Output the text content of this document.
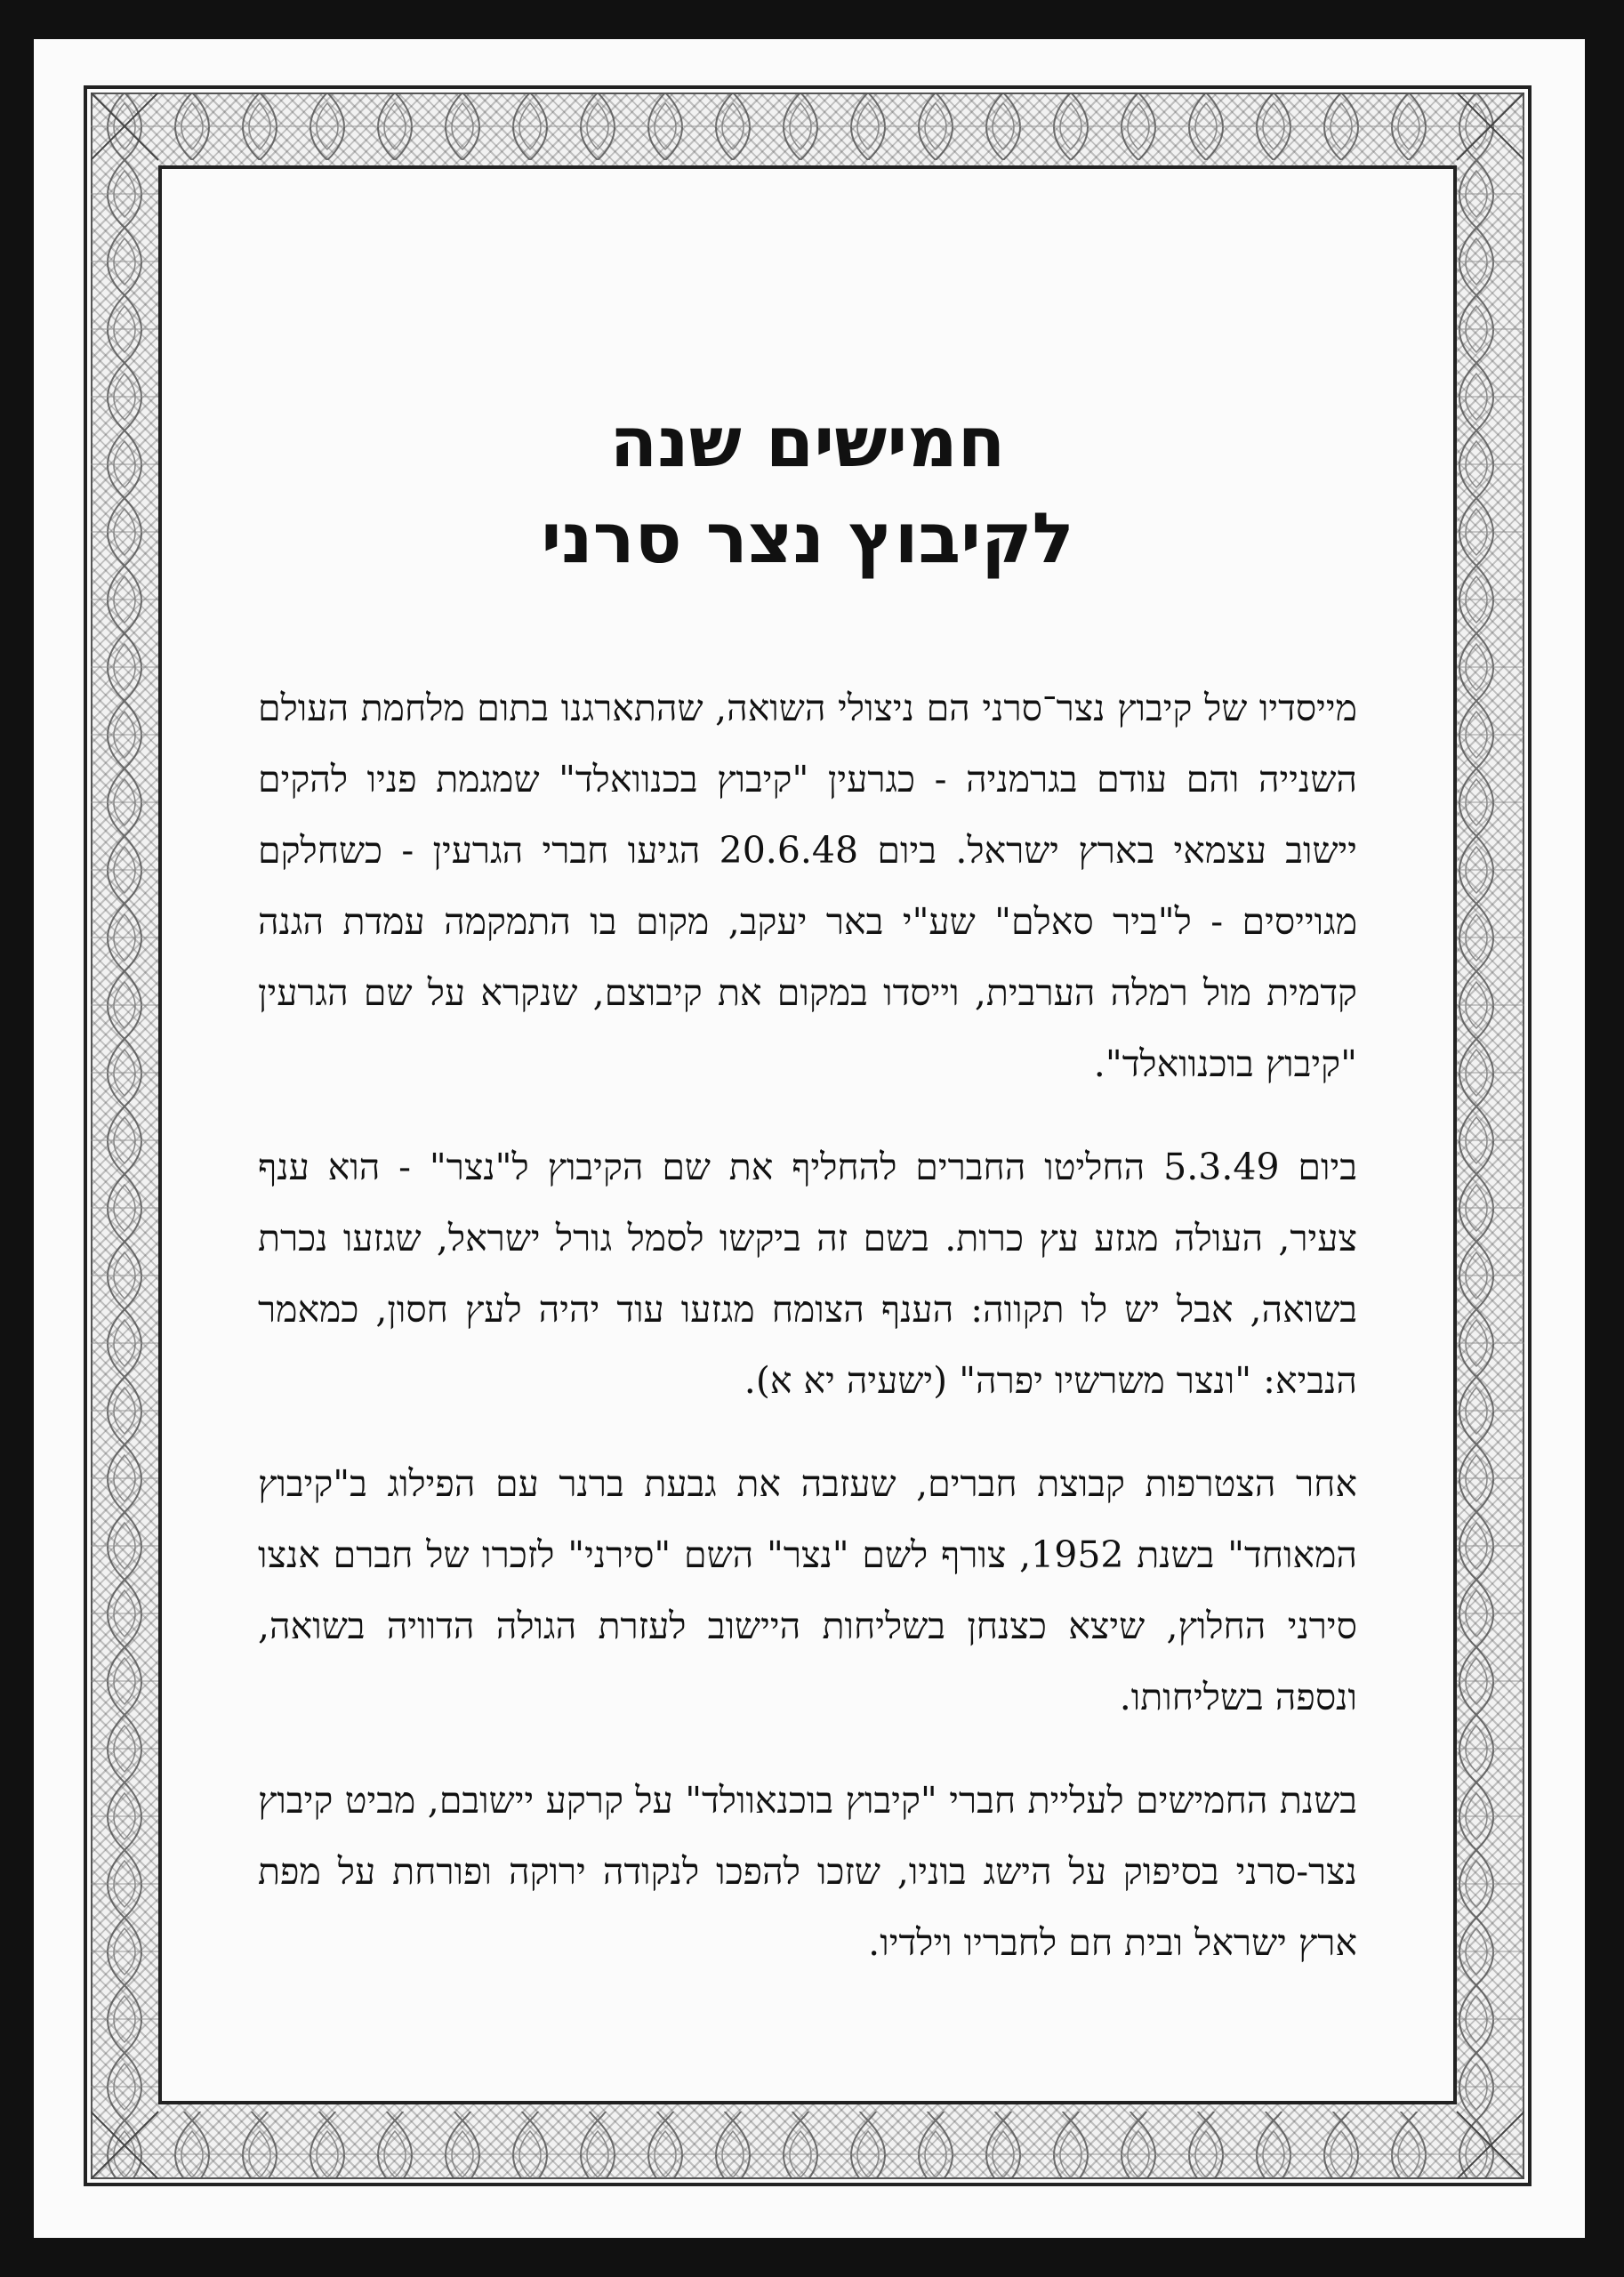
חמישים שנה
לקיבוץ נצר סרני

מייסדיו של קיבוץ נצר־סרני הם ניצולי השואה, שהתארגנו בתום מלחמת העולם השנייה והם עודם בגרמניה - כגרעין "קיבוץ בכנוואלד" שמגמת פניו להקים יישוב עצמאי בארץ ישראל. ביום 20.6.48 הגיעו חברי הגרעין - כשחלקם מגוייסים - ל"ביר סאלם" שע"י באר יעקב, מקום בו התמקמה עמדת הגנה קדמית מול רמלה הערבית, וייסדו במקום את קיבוצם, שנקרא על שם הגרעין "קיבוץ בוכנוואלד".

ביום 5.3.49 החליטו החברים להחליף את שם הקיבוץ ל"נצר" - הוא ענף צעיר, העולה מגזע עץ כרות. בשם זה ביקשו לסמל גורל ישראל, שגזעו נכרת בשואה, אבל יש לו תקווה: הענף הצומח מגזעו עוד יהיה לעץ חסון, כמאמר הנביא: "ונצר משרשיו יפרה" (ישעיה יא א).

אחר הצטרפות קבוצת חברים, שעזבה את גבעת ברנר עם הפילוג ב"קיבוץ המאוחד" בשנת 1952, צורף לשם "נצר" השם "סירני" לזכרו של חברם אנצו סירני החלוץ, שיצא כצנחן בשליחות היישוב לעזרת הגולה הדוויה בשואה, ונספה בשליחותו.

בשנת החמישים לעליית חברי "קיבוץ בוכנאוולד" על קרקע יישובם, מביט קיבוץ נצר-סרני בסיפוק על הישג בוניו, שזכו להפכו לנקודה ירוקה ופורחת על מפת ארץ ישראל ובית חם לחבריו וילדיו.
